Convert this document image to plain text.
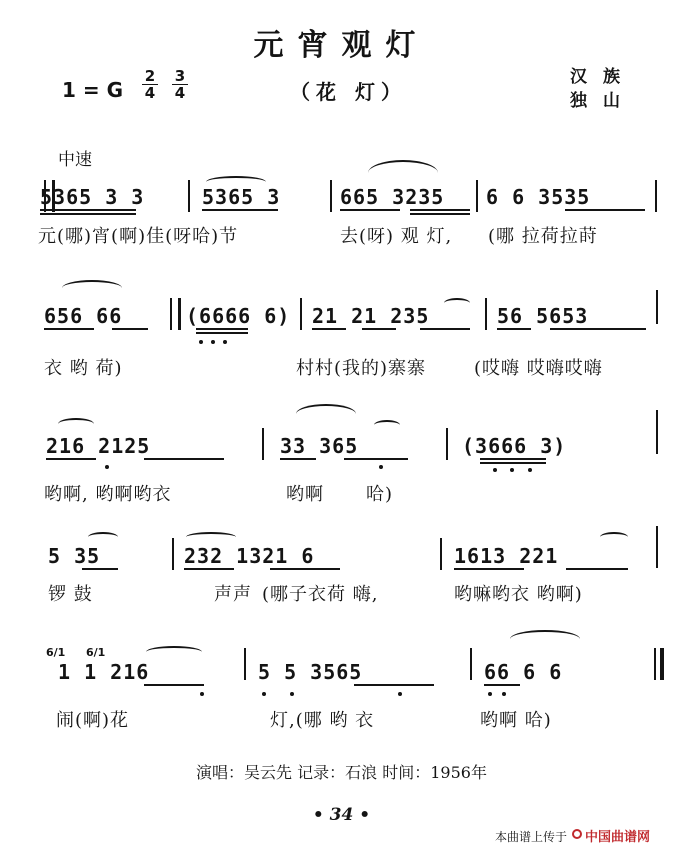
元宵观灯
1 = G
2
4
3
4	（花 灯）
汉族
独山
中速
5365 3 3	5365 3	665 3235 6 6 3535
元(哪)宵(啊)佳(呀哈)节	去(呀) 观 灯, (哪 拉荷拉莳
656 66	(6666 6) 21 21 235	56 5653
衣 哟 荷)	村村(我的)寨寨	(哎嗨 哎嗨哎嗨
216 2125	33 365	(3666 3)
哟啊, 哟啊哟衣	哟啊 哈)
5 35	232 1321 6	1613 221
锣 鼓	声声 (哪子衣荷 嗨,	哟嘛哟衣 哟啊)
6/1 6/1
1 1 216	5 5 3565	66 6 6
闹(啊)花	灯,(哪 哟 衣	哟啊 哈)
演唱：吴云先 记录：石浪 时间：1956年
• 34 •
本曲谱上传于 中国曲谱网
